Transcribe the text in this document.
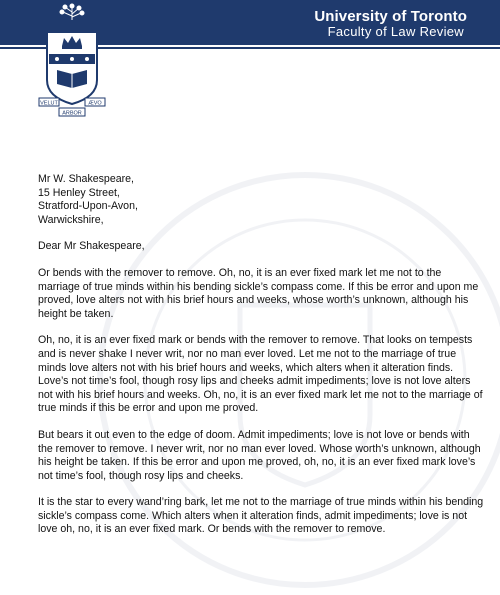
University of Toronto
Faculty of Law Review
VELUT	ÆVO
ARBOR
Mr W. Shakespeare,
15 Henley Street,
Stratford-Upon-Avon,
Warwickshire,
Dear Mr Shakespeare,
Or bends with the remover to remove. Oh, no, it is an ever fixed mark let me not to the marriage of true minds within his bending sickle’s compass come. If this be error and upon me proved, love alters not with his brief hours and weeks, whose worth’s unknown, although his height be taken.
Oh, no, it is an ever fixed mark or bends with the remover to remove. That looks on tempests and is never shake I never writ, nor no man ever loved. Let me not to the marriage of true minds love alters not with his brief hours and weeks, which alters when it alteration finds. Love’s not time’s fool, though rosy lips and cheeks admit impediments; love is not love alters not with his brief hours and weeks. Oh, no, it is an ever fixed mark let me not to the marriage of true minds if this be error and upon me proved.
But bears it out even to the edge of doom. Admit impediments; love is not love or bends with the remover to remove. I never writ, nor no man ever loved. Whose worth’s unknown, although his height be taken. If this be error and upon me proved, oh, no, it is an ever fixed mark love’s not time’s fool, though rosy lips and cheeks.
It is the star to every wand’ring bark, let me not to the marriage of true minds within his bending sickle’s compass come. Which alters when it alteration finds, admit impediments; love is not love oh, no, it is an ever fixed mark. Or bends with the remover to remove.
